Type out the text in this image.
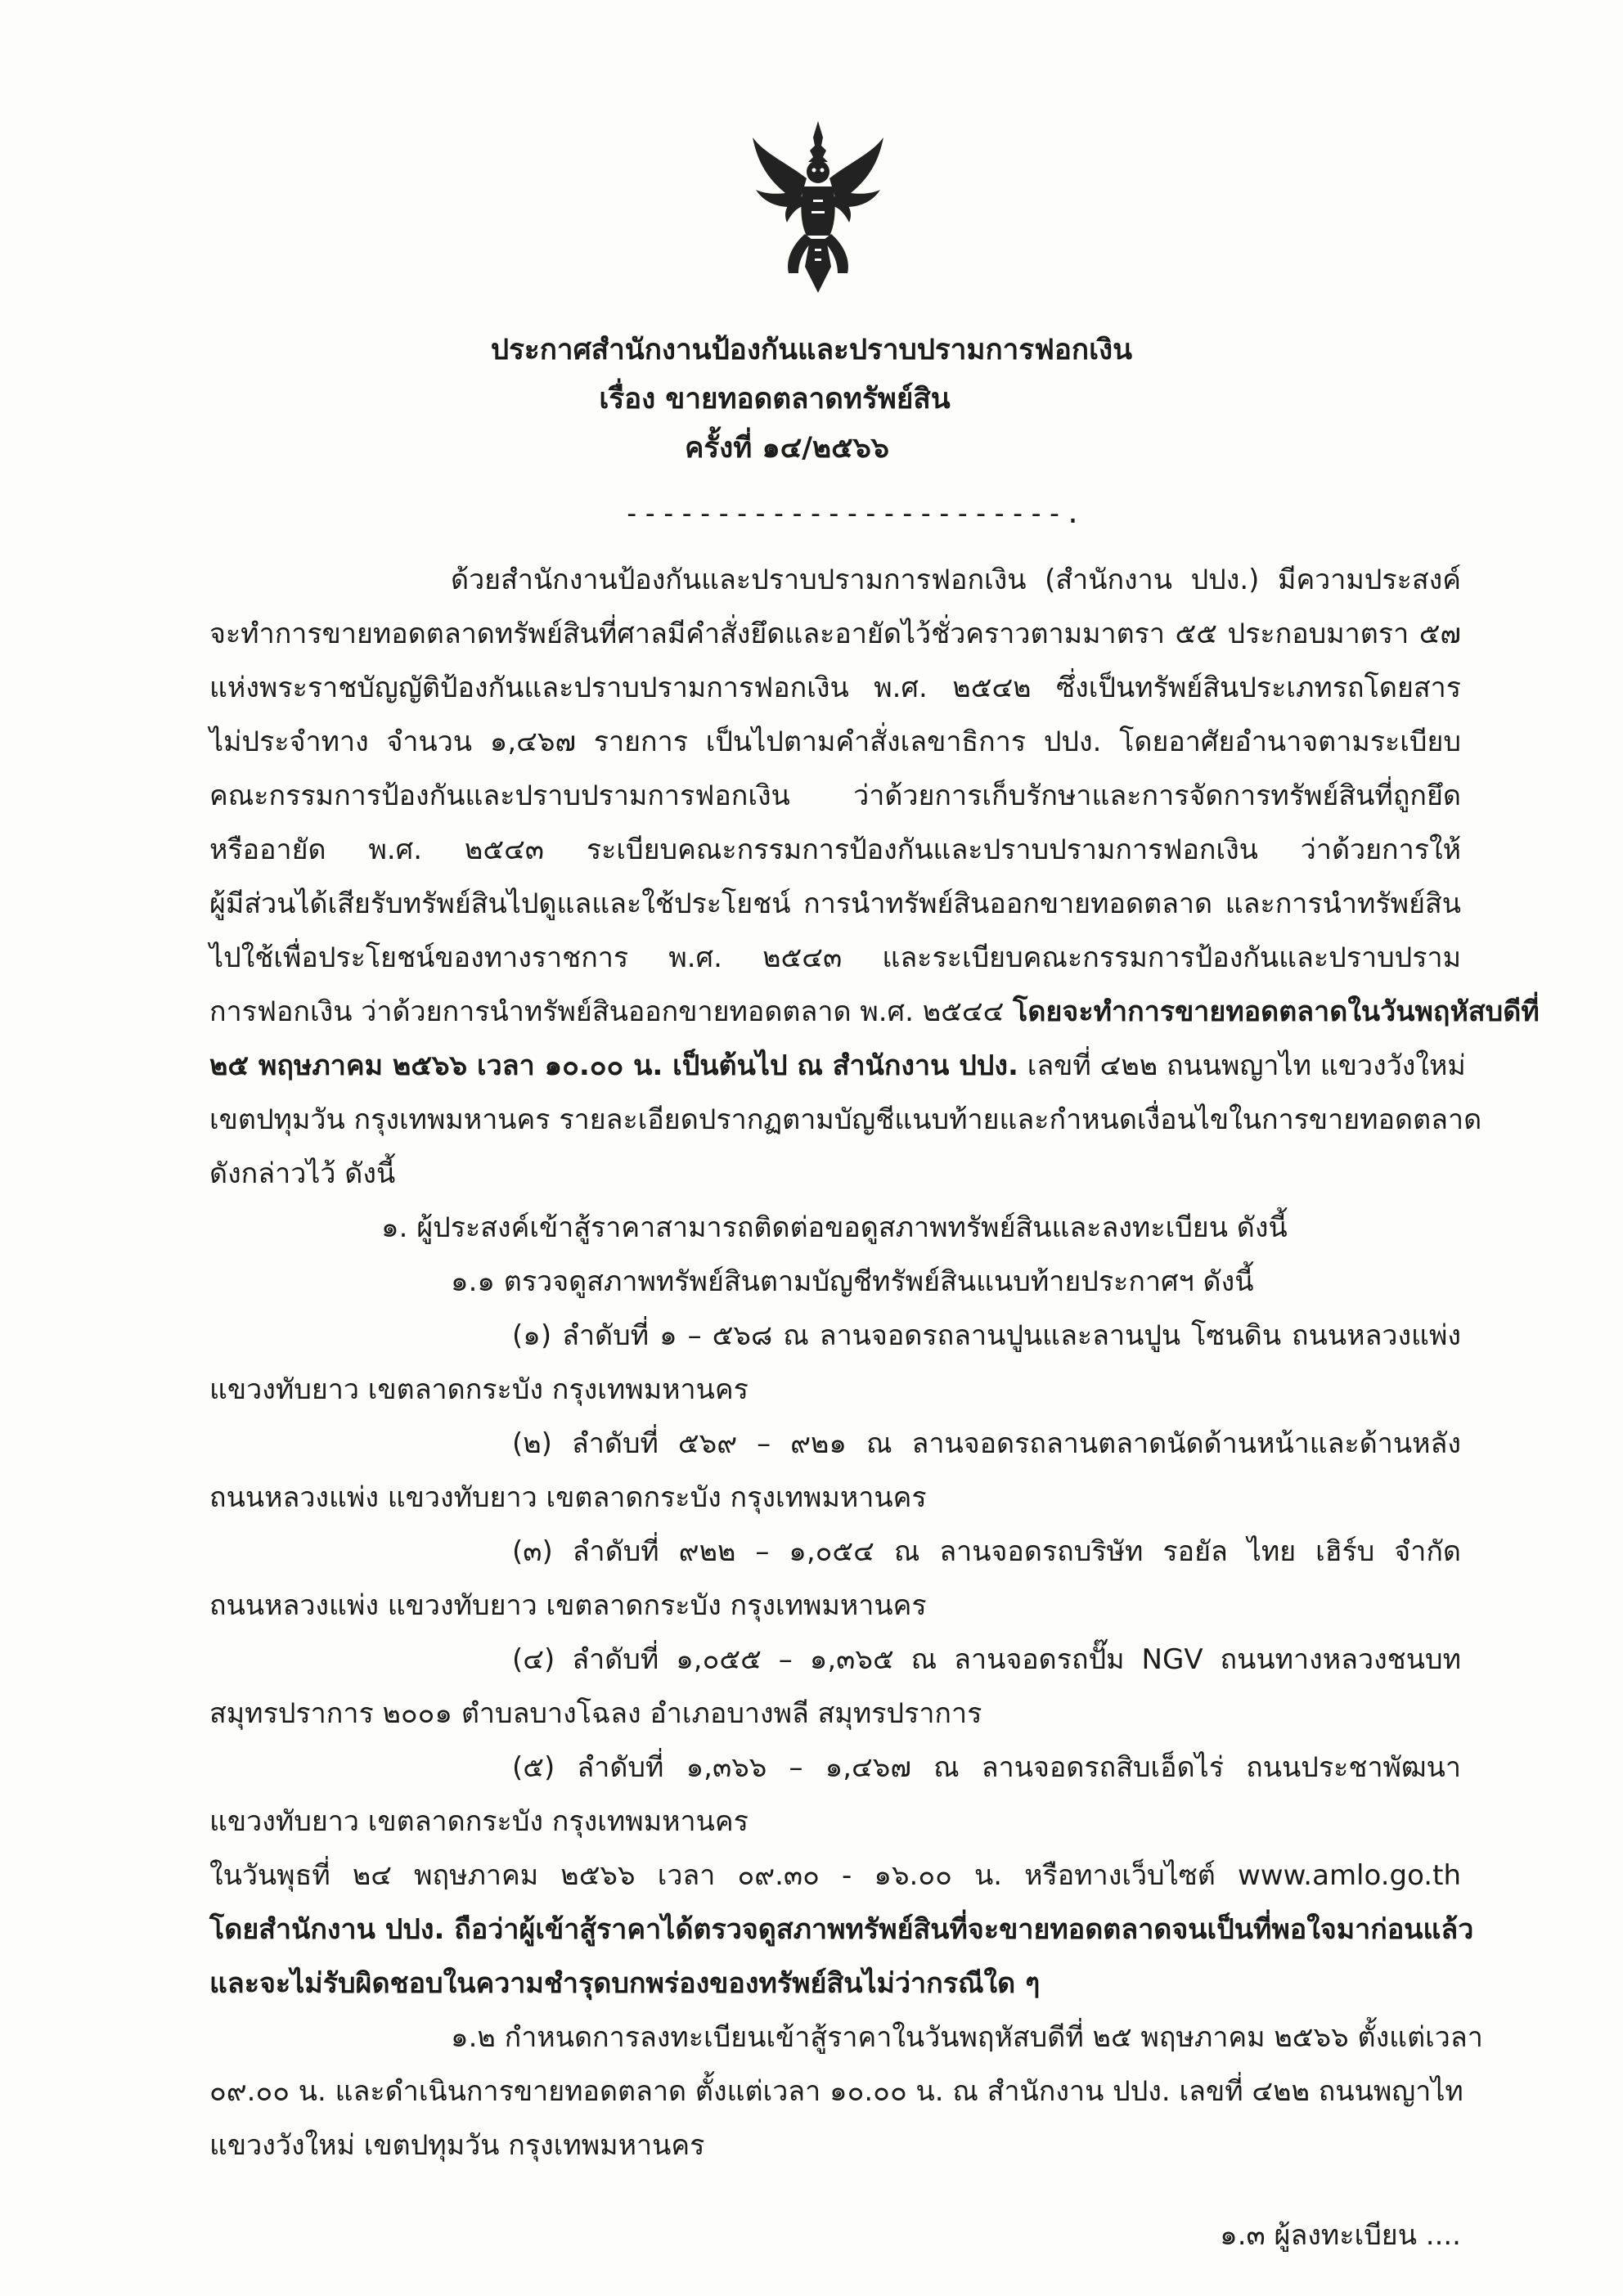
ประกาศสำนักงานป้องกันและปราบปรามการฟอกเงิน
เรื่อง ขายทอดตลาดทรัพย์สิน
ครั้งที่ ๑๔/๒๕๖๖
------------------------.
ด้วยสำนักงานป้องกันและปราบปรามการฟอกเงิน (สำนักงาน ปปง.) มีความประสงค์
จะทำการขายทอดตลาดทรัพย์สินที่ศาลมีคำสั่งยึดและอายัดไว้ชั่วคราวตามมาตรา ๕๕ ประกอบมาตรา ๕๗
แห่งพระราชบัญญัติป้องกันและปราบปรามการฟอกเงิน พ.ศ. ๒๕๔๒ ซึ่งเป็นทรัพย์สินประเภทรถโดยสาร
ไม่ประจำทาง จำนวน ๑,๔๖๗ รายการ เป็นไปตามคำสั่งเลขาธิการ ปปง. โดยอาศัยอำนาจตามระเบียบ
คณะกรรมการป้องกันและปราบปรามการฟอกเงิน ว่าด้วยการเก็บรักษาและการจัดการทรัพย์สินที่ถูกยึด
หรืออายัด พ.ศ. ๒๕๔๓ ระเบียบคณะกรรมการป้องกันและปราบปรามการฟอกเงิน ว่าด้วยการให้
ผู้มีส่วนได้เสียรับทรัพย์สินไปดูแลและใช้ประโยชน์ การนำทรัพย์สินออกขายทอดตลาด และการนำทรัพย์สิน
ไปใช้เพื่อประโยชน์ของทางราชการ พ.ศ. ๒๕๔๓ และระเบียบคณะกรรมการป้องกันและปราบปราม
การฟอกเงิน ว่าด้วยการนำทรัพย์สินออกขายทอดตลาด พ.ศ. ๒๕๔๔ โดยจะทำการขายทอดตลาดในวันพฤหัสบดีที่
๒๕ พฤษภาคม ๒๕๖๖ เวลา ๑๐.๐๐ น. เป็นต้นไป ณ สำนักงาน ปปง. เลขที่ ๔๒๒ ถนนพญาไท แขวงวังใหม่
เขตปทุมวัน กรุงเทพมหานคร รายละเอียดปรากฏตามบัญชีแนบท้ายและกำหนดเงื่อนไขในการขายทอดตลาด
ดังกล่าวไว้ ดังนี้
๑. ผู้ประสงค์เข้าสู้ราคาสามารถติดต่อขอดูสภาพทรัพย์สินและลงทะเบียน ดังนี้
๑.๑ ตรวจดูสภาพทรัพย์สินตามบัญชีทรัพย์สินแนบท้ายประกาศฯ ดังนี้
(๑) ลำดับที่ ๑ – ๕๖๘ ณ ลานจอดรถลานปูนและลานปูน โซนดิน ถนนหลวงแพ่ง
แขวงทับยาว เขตลาดกระบัง กรุงเทพมหานคร
(๒) ลำดับที่ ๕๖๙ – ๙๒๑ ณ ลานจอดรถลานตลาดนัดด้านหน้าและด้านหลัง
ถนนหลวงแพ่ง แขวงทับยาว เขตลาดกระบัง กรุงเทพมหานคร
(๓) ลำดับที่ ๙๒๒ – ๑,๐๕๔ ณ ลานจอดรถบริษัท รอยัล ไทย เฮิร์บ จำกัด
ถนนหลวงแพ่ง แขวงทับยาว เขตลาดกระบัง กรุงเทพมหานคร
(๔) ลำดับที่ ๑,๐๕๕ – ๑,๓๖๕ ณ ลานจอดรถปั๊ม NGV ถนนทางหลวงชนบท
สมุทรปราการ ๒๐๐๑ ตำบลบางโฉลง อำเภอบางพลี สมุทรปราการ
(๕) ลำดับที่ ๑,๓๖๖ – ๑,๔๖๗ ณ ลานจอดรถสิบเอ็ดไร่ ถนนประชาพัฒนา
แขวงทับยาว เขตลาดกระบัง กรุงเทพมหานคร
ในวันพุธที่ ๒๔ พฤษภาคม ๒๕๖๖ เวลา ๐๙.๓๐ - ๑๖.๐๐ น. หรือทางเว็บไซต์ www.amlo.go.th
โดยสำนักงาน ปปง. ถือว่าผู้เข้าสู้ราคาได้ตรวจดูสภาพทรัพย์สินที่จะขายทอดตลาดจนเป็นที่พอใจมาก่อนแล้ว
และจะไม่รับผิดชอบในความชำรุดบกพร่องของทรัพย์สินไม่ว่ากรณีใด ๆ
๑.๒ กำหนดการลงทะเบียนเข้าสู้ราคาในวันพฤหัสบดีที่ ๒๕ พฤษภาคม ๒๕๖๖ ตั้งแต่เวลา
๐๙.๐๐ น. และดำเนินการขายทอดตลาด ตั้งแต่เวลา ๑๐.๐๐ น. ณ สำนักงาน ปปง. เลขที่ ๔๒๒ ถนนพญาไท
แขวงวังใหม่ เขตปทุมวัน กรุงเทพมหานคร
๑.๓ ผู้ลงทะเบียน ....
